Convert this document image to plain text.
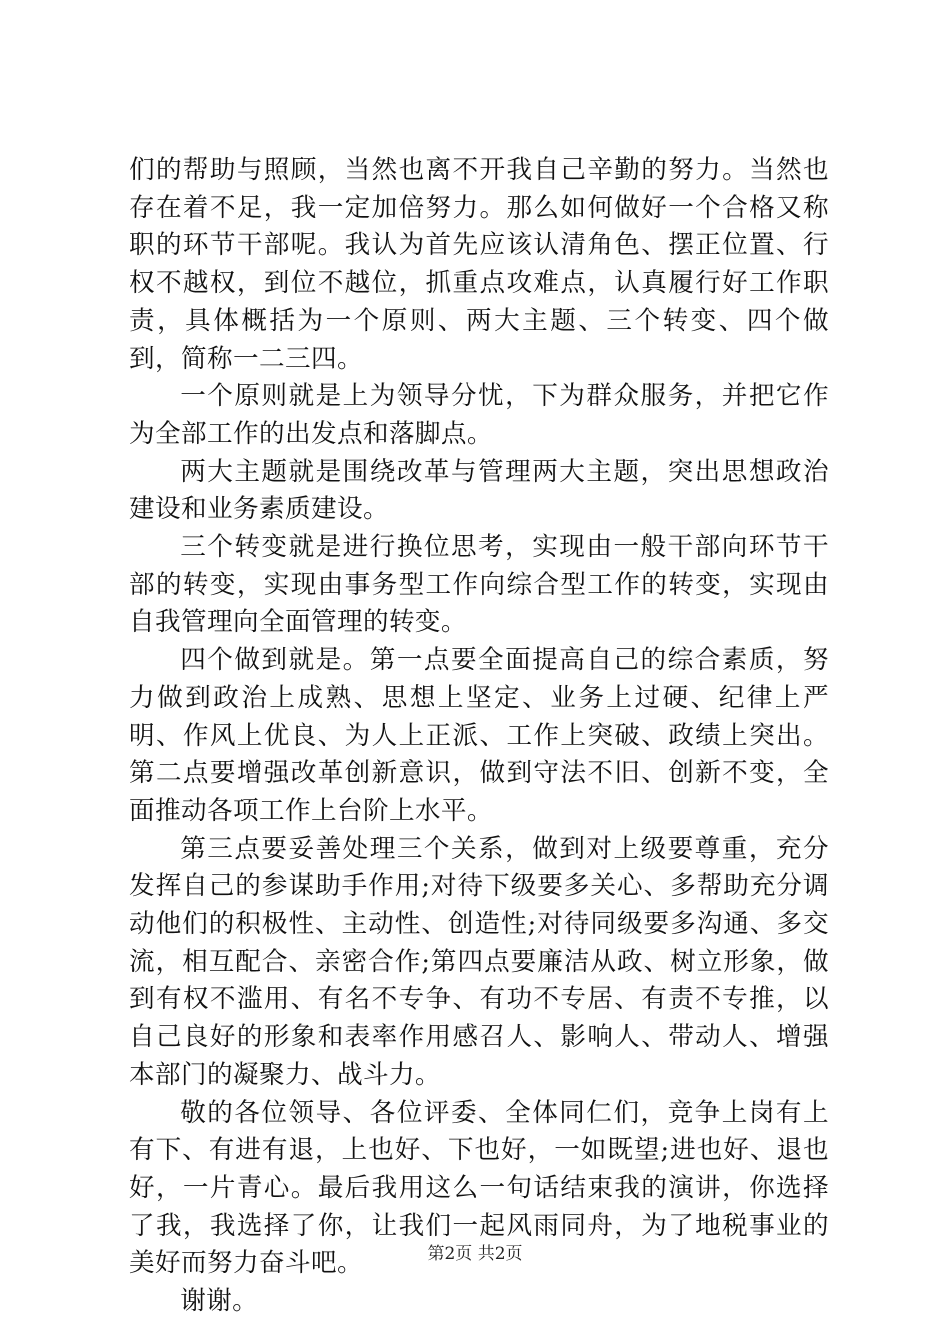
们的帮助与照顾，当然也离不开我自己辛勤的努力。当然也存在着不足，我一定加倍努力。那么如何做好一个合格又称职的环节干部呢。我认为首先应该认清角色、摆正位置、行权不越权，到位不越位，抓重点攻难点，认真履行好工作职责，具体概括为一个原则、两大主题、三个转变、四个做到，简称一二三四。

一个原则就是上为领导分忧，下为群众服务，并把它作为全部工作的出发点和落脚点。

两大主题就是围绕改革与管理两大主题，突出思想政治建设和业务素质建设。

三个转变就是进行换位思考，实现由一般干部向环节干部的转变，实现由事务型工作向综合型工作的转变，实现由自我管理向全面管理的转变。

四个做到就是。第一点要全面提高自己的综合素质，努力做到政治上成熟、思想上坚定、业务上过硬、纪律上严明、作风上优良、为人上正派、工作上突破、政绩上突出。第二点要增强改革创新意识，做到守法不旧、创新不变，全面推动各项工作上台阶上水平。

第三点要妥善处理三个关系，做到对上级要尊重，充分发挥自己的参谋助手作用;对待下级要多关心、多帮助充分调动他们的积极性、主动性、创造性;对待同级要多沟通、多交流，相互配合、亲密合作;第四点要廉洁从政、树立形象，做到有权不滥用、有名不专争、有功不专居、有责不专推，以自己良好的形象和表率作用感召人、影响人、带动人、增强本部门的凝聚力、战斗力。

敬的各位领导、各位评委、全体同仁们，竞争上岗有上有下、有进有退，上也好、下也好，一如既望;进也好、退也好，一片青心。最后我用这么一句话结束我的演讲，你选择了我，我选择了你，让我们一起风雨同舟，为了地税事业的美好而努力奋斗吧。

谢谢。

第2页 共2页
